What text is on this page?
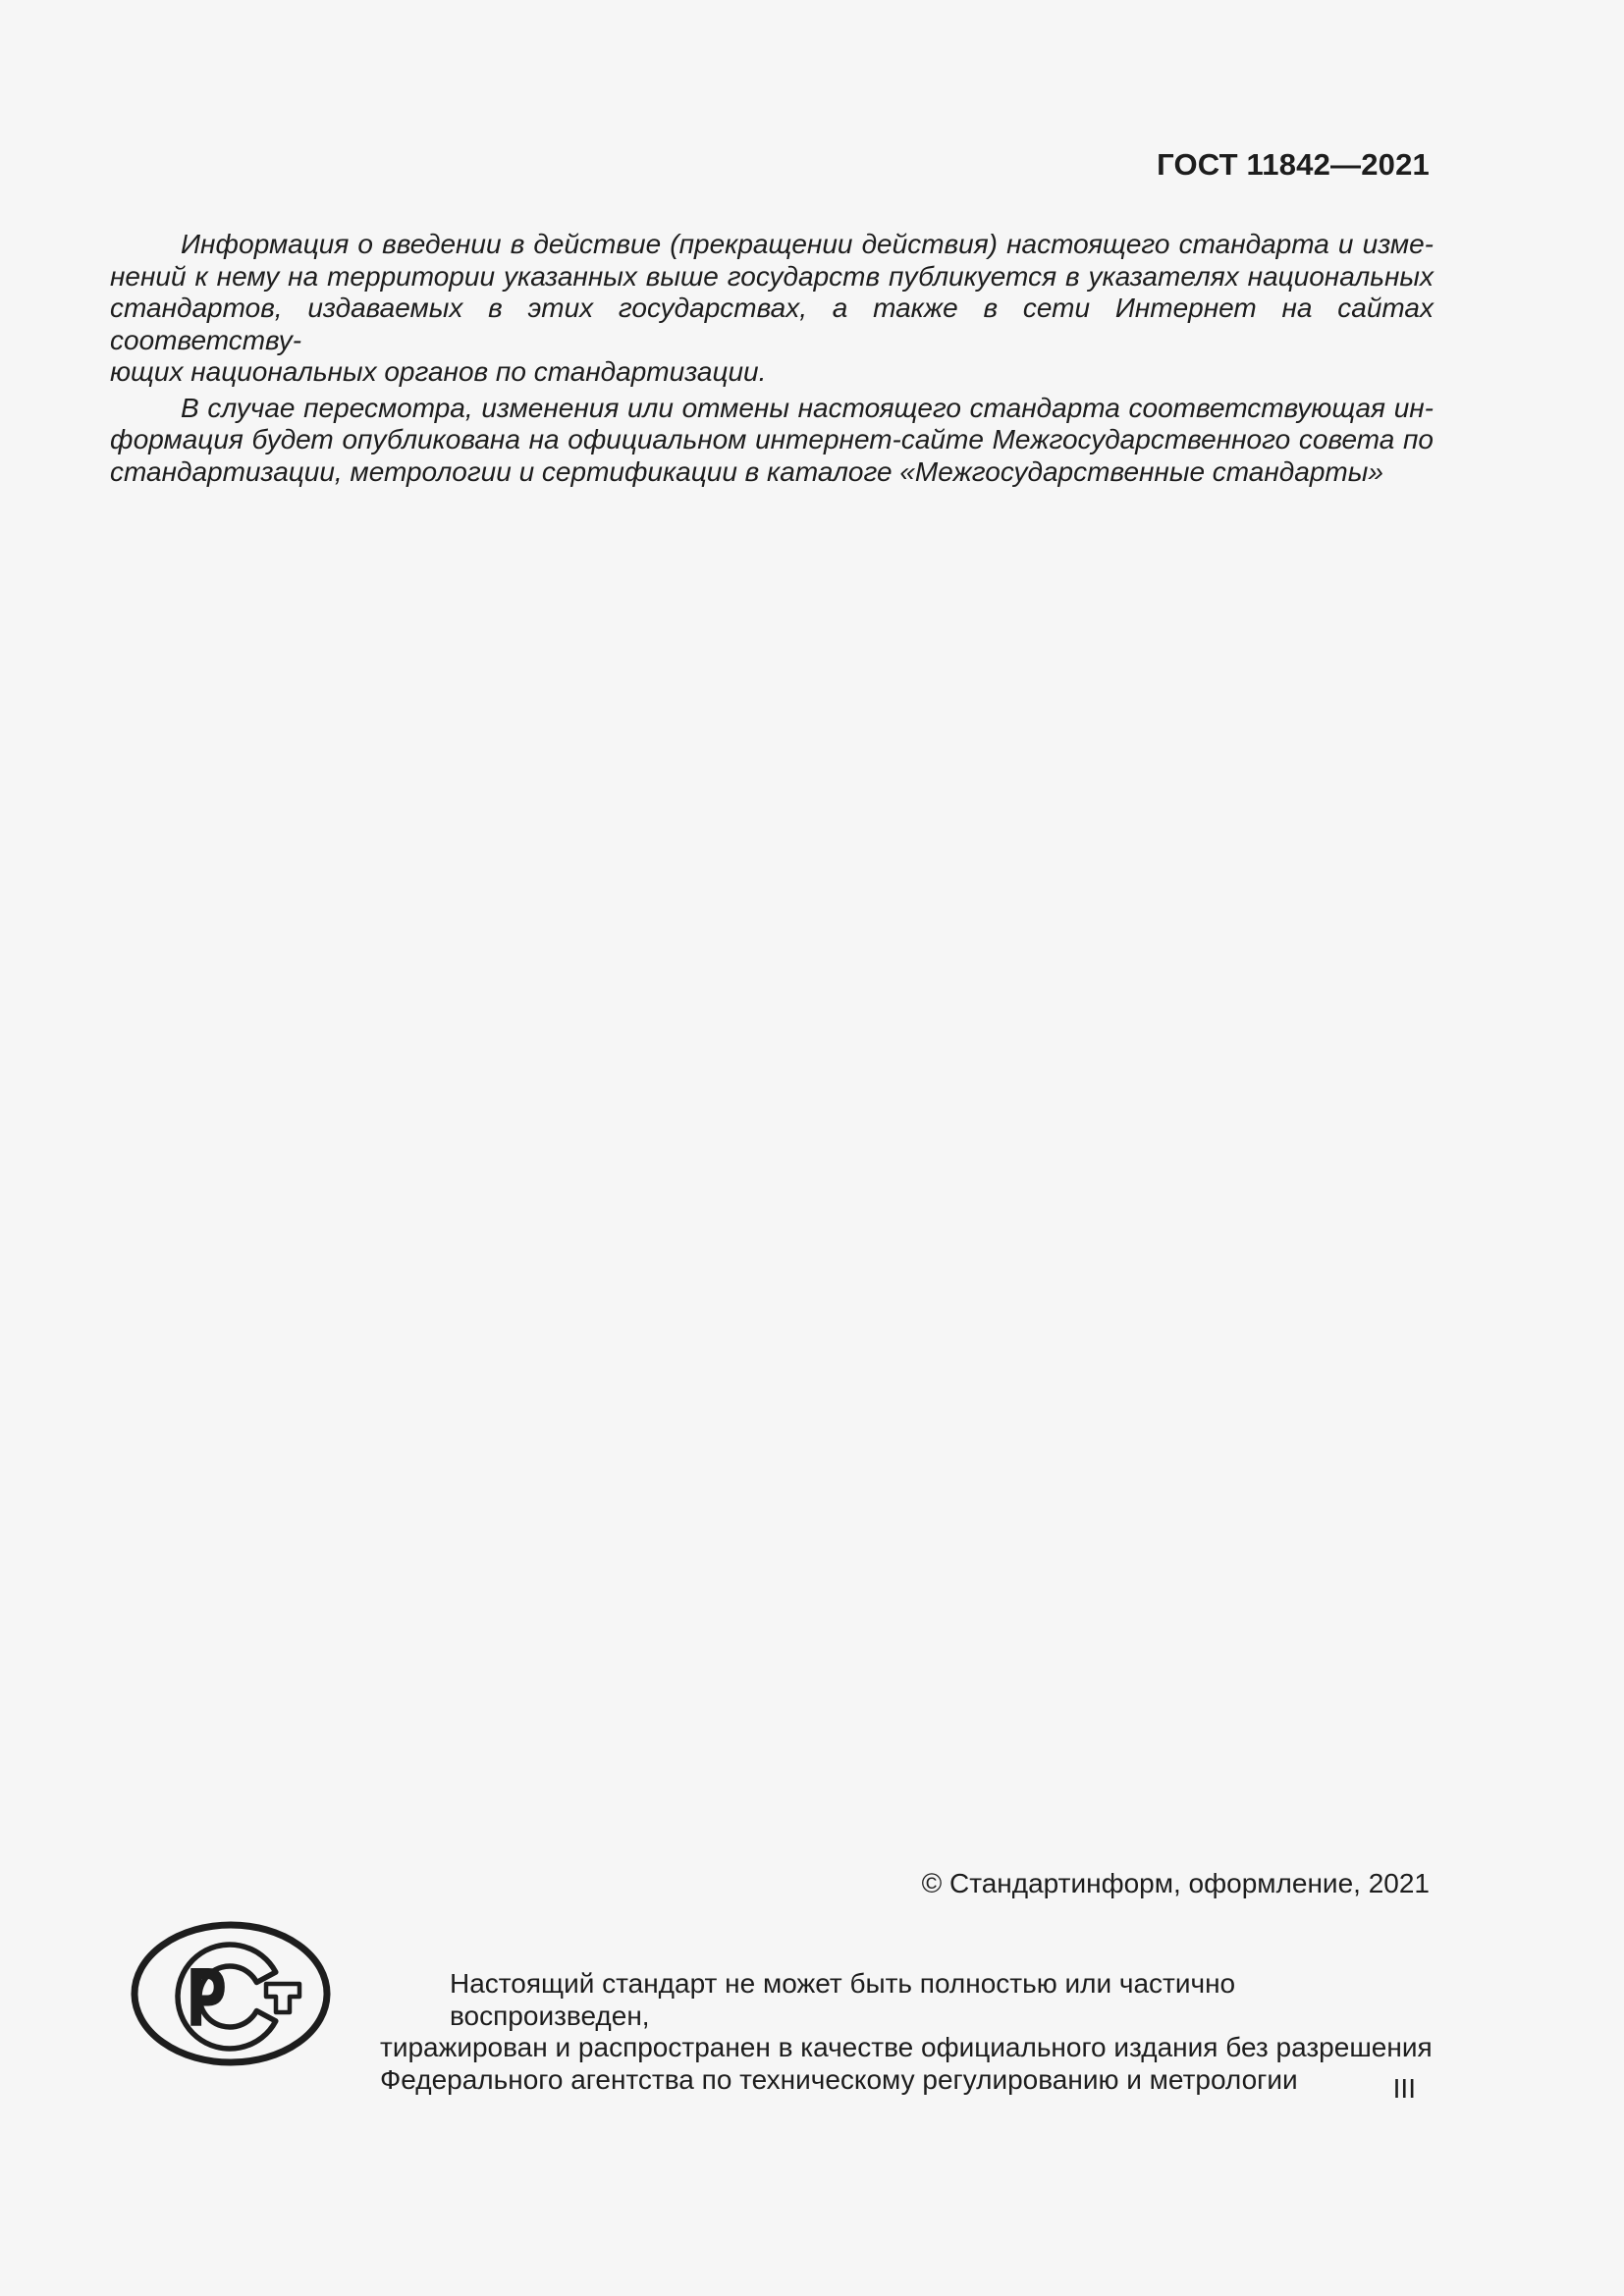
ГОСТ 11842—2021
Информация о введении в действие (прекращении действия) настоящего стандарта и изме-
нений к нему на территории указанных выше государств публикуется в указателях национальных
стандартов, издаваемых в этих государствах, а также в сети Интернет на сайтах соответству-
ющих национальных органов по стандартизации.
В случае пересмотра, изменения или отмены настоящего стандарта соответствующая ин-
формация будет опубликована на официальном интернет-сайте Межгосударственного совета по
стандартизации, метрологии и сертификации в каталоге «Межгосударственные стандарты»
© Стандартинформ, оформление, 2021
Р	Настоящий стандарт не может быть полностью или частично воспроизведен,
тиражирован и распространен в качестве официального издания без разрешения
Федерального агентства по техническому регулированию и метрологии	III
